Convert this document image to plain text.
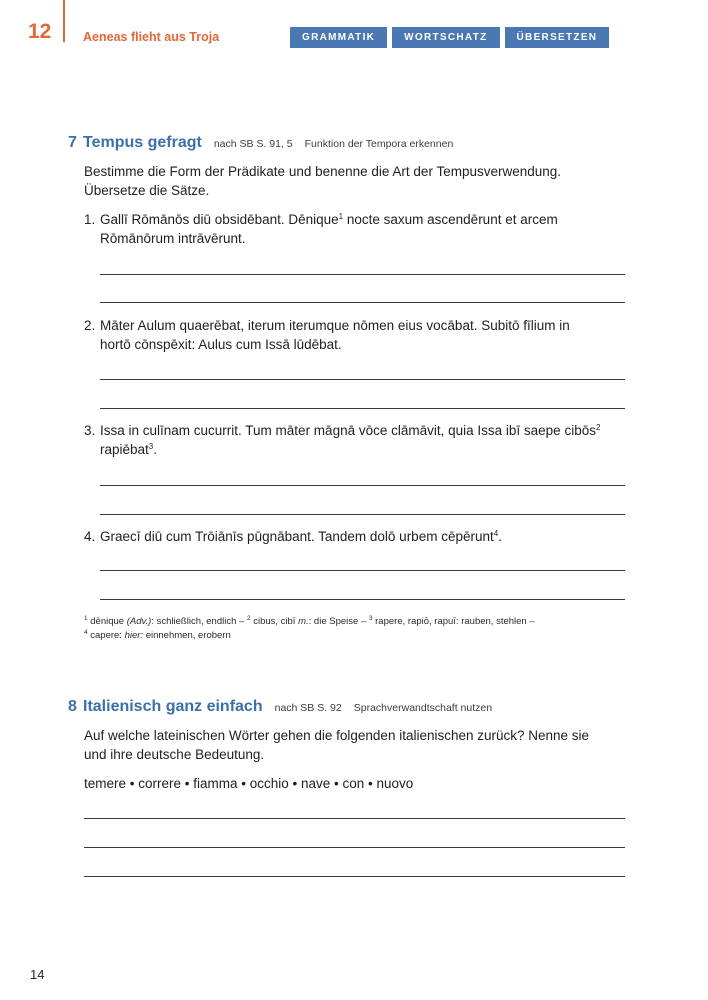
12	Aeneas flieht aus Troja	GRAMMATIK	WORTSCHATZ	ÜBERSETZEN
7 Tempus gefragt nach SB S. 91, 5 Funktion der Tempora erkennen
Bestimme die Form der Prädikate und benenne die Art der Tempusverwendung.
Übersetze die Sätze.
1. Gallī Rōmānōs diū obsidēbant. Dēnique$^1$ nocte saxum ascendērunt et arcem
Rōmānōrum intrāvērunt.
2. Māter Aulum quaerēbat, iterum iterumque nōmen eius vocābat. Subitō fīlium in
hortō cōnspēxit: Aulus cum Issā lūdēbat.
3. Issa in culīnam cucurrit. Tum māter māgnā vōce clāmāvit, quia Issa ibī saepe cibōs$^2$
rapiēbat$^3$.
4. Graecī diū cum Trōiānīs pūgnābant. Tandem dolō urbem cēpērunt$^4$.
$^1$ dēnique (Adv.): schließlich, endlich – $^2$ cibus, cibī m.: die Speise – $^3$ rapere, rapiō, rapuī: rauben, stehlen –
$^4$ capere: hier: einnehmen, erobern
8 Italienisch ganz einfach nach SB S. 92 Sprachverwandtschaft nutzen
Auf welche lateinischen Wörter gehen die folgenden italienischen zurück? Nenne sie
und ihre deutsche Bedeutung.
temere • correre • fiamma • occhio • nave • con • nuovo
14
